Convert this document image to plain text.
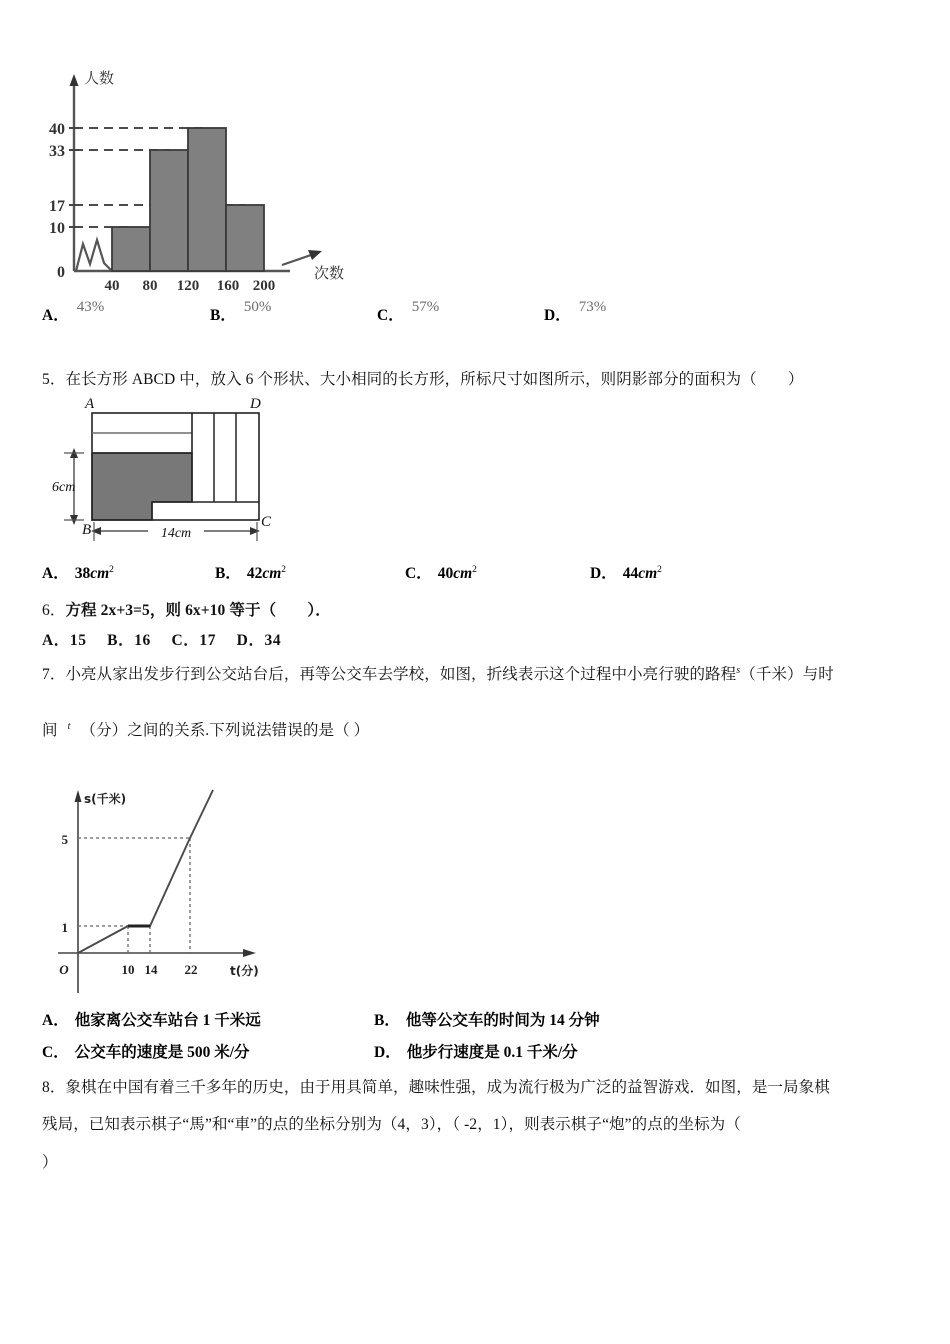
40
33
17
10
0
40 80 120 160 200
人数
次数
A． 43%	B． 50%	C． 57%	D． 73%
5．在长方形 ABCD 中，放入 6 个形状、大小相同的长方形，所标尺寸如图所示，则阴影部分的面积为（　　）
A	D
B	C
6cm
14cm
A． $38cm^2$	B． $42cm^2$	C． $40cm^2$	D． $44cm^2$
6．方程 2x+3=5，则 6x+10 等于（　　）．
A．15　 B．16　 C．17　 D．34
7．小亮从家出发步行到公交站台后，再等公交车去学校，如图，折线表示这个过程中小亮行驶的路程$^s$（千米）与时
间 $^t$ （分）之间的关系.下列说法错误的是（ ）
5
1
O	10 14 22
s(千米)
t(分)
A． 他家离公交车站台 1 千米远	B． 他等公交车的时间为 14 分钟
C． 公交车的速度是 500 米/分	D． 他步行速度是 0.1 千米/分
8．象棋在中国有着三千多年的历史，由于用具简单，趣味性强，成为流行极为广泛的益智游戏．如图，是一局象棋
残局，已知表示棋子“馬”和“車”的点的坐标分别为（4，3），（ -2，1），则表示棋子“炮”的点的坐标为（
）
